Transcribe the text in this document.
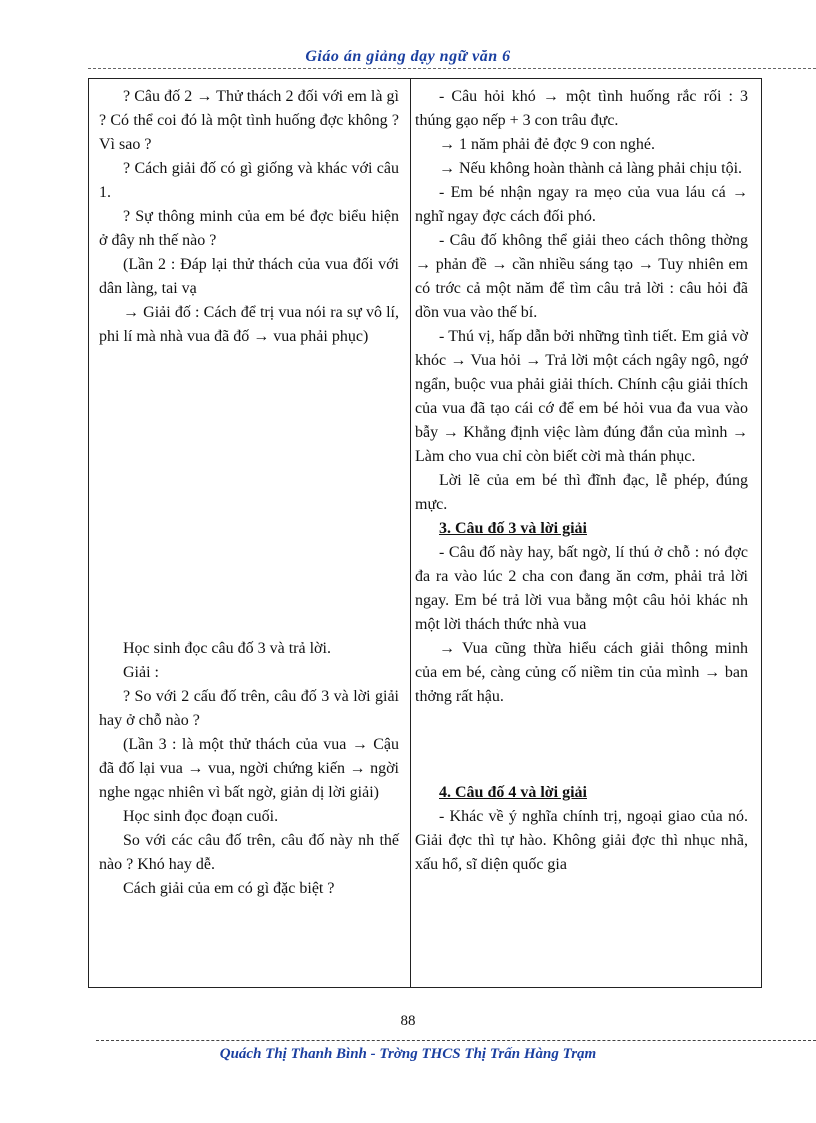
Giáo án giảng dạy ngữ văn 6

? Câu đố 2 → Thử thách 2 đối với em là gì ? Có thể coi đó là một tình huống đợc không ? Vì sao ?

? Cách giải đố có gì giống và khác với câu 1.

? Sự thông minh của em bé đợc biểu hiện ở đây nh thế nào ?

(Lần 2 : Đáp lại thử thách của vua đối với dân làng, tai vạ

→ Giải đố : Cách để trị vua nói ra sự vô lí, phi lí mà nhà vua đã đố → vua phải phục)

Học sinh đọc câu đố 3 và trả lời.

Giải :

? So với 2 cấu đố trên, câu đố 3 và lời giải hay ở chỗ nào ?

(Lần 3 : là một thử thách của vua → Cậu đã đố lại vua → vua, ngời chứng kiến → ngời nghe ngạc nhiên vì bất ngờ, giản dị lời giải)

Học sinh đọc đoạn cuối.

So với các câu đố trên, câu đố này nh thế nào ? Khó hay dễ.

Cách giải của em có gì đặc biệt ?

- Câu hỏi khó → một tình huống rắc rối : 3 thúng gạo nếp + 3 con trâu đực.

→ 1 năm phải đẻ đợc 9 con nghé.

→ Nếu không hoàn thành cả làng phải chịu tội.

- Em bé nhận ngay ra mẹo của vua láu cá → nghĩ ngay đợc cách đối phó.

- Câu đố không thể giải theo cách thông thờng → phản đề → cần nhiều sáng tạo → Tuy nhiên em có trớc cả một năm để tìm câu trả lời : câu hỏi đã dồn vua vào thế bí.

- Thú vị, hấp dẫn bởi những tình tiết. Em giả vờ khóc → Vua hỏi → Trả lời một cách ngây ngô, ngớ ngẩn, buộc vua phải giải thích. Chính cậu giải thích của vua đã tạo cái cớ để em bé hỏi vua đa vua vào bẫy → Khẳng định việc làm đúng đắn của mình → Làm cho vua chỉ còn biết cời mà thán phục.

Lời lẽ của em bé thì đĩnh đạc, lễ phép, đúng mực.

3. Câu đố 3 và lời giải

- Câu đố này hay, bất ngờ, lí thú ở chỗ : nó đợc đa ra vào lúc 2 cha con đang ăn cơm, phải trả lời ngay. Em bé trả lời vua bằng một câu hỏi khác nh một lời thách thức nhà vua

→ Vua cũng thừa hiểu cách giải thông minh của em bé, càng củng cố niềm tin của mình → ban thởng rất hậu.

4. Câu đố 4 và lời giải

- Khác về ý nghĩa chính trị, ngoại giao của nó. Giải đợc thì tự hào. Không giải đợc thì nhục nhã, xấu hổ, sĩ diện quốc gia

88
Quách Thị Thanh Bình - Trờng THCS Thị Trấn Hàng Trạm
